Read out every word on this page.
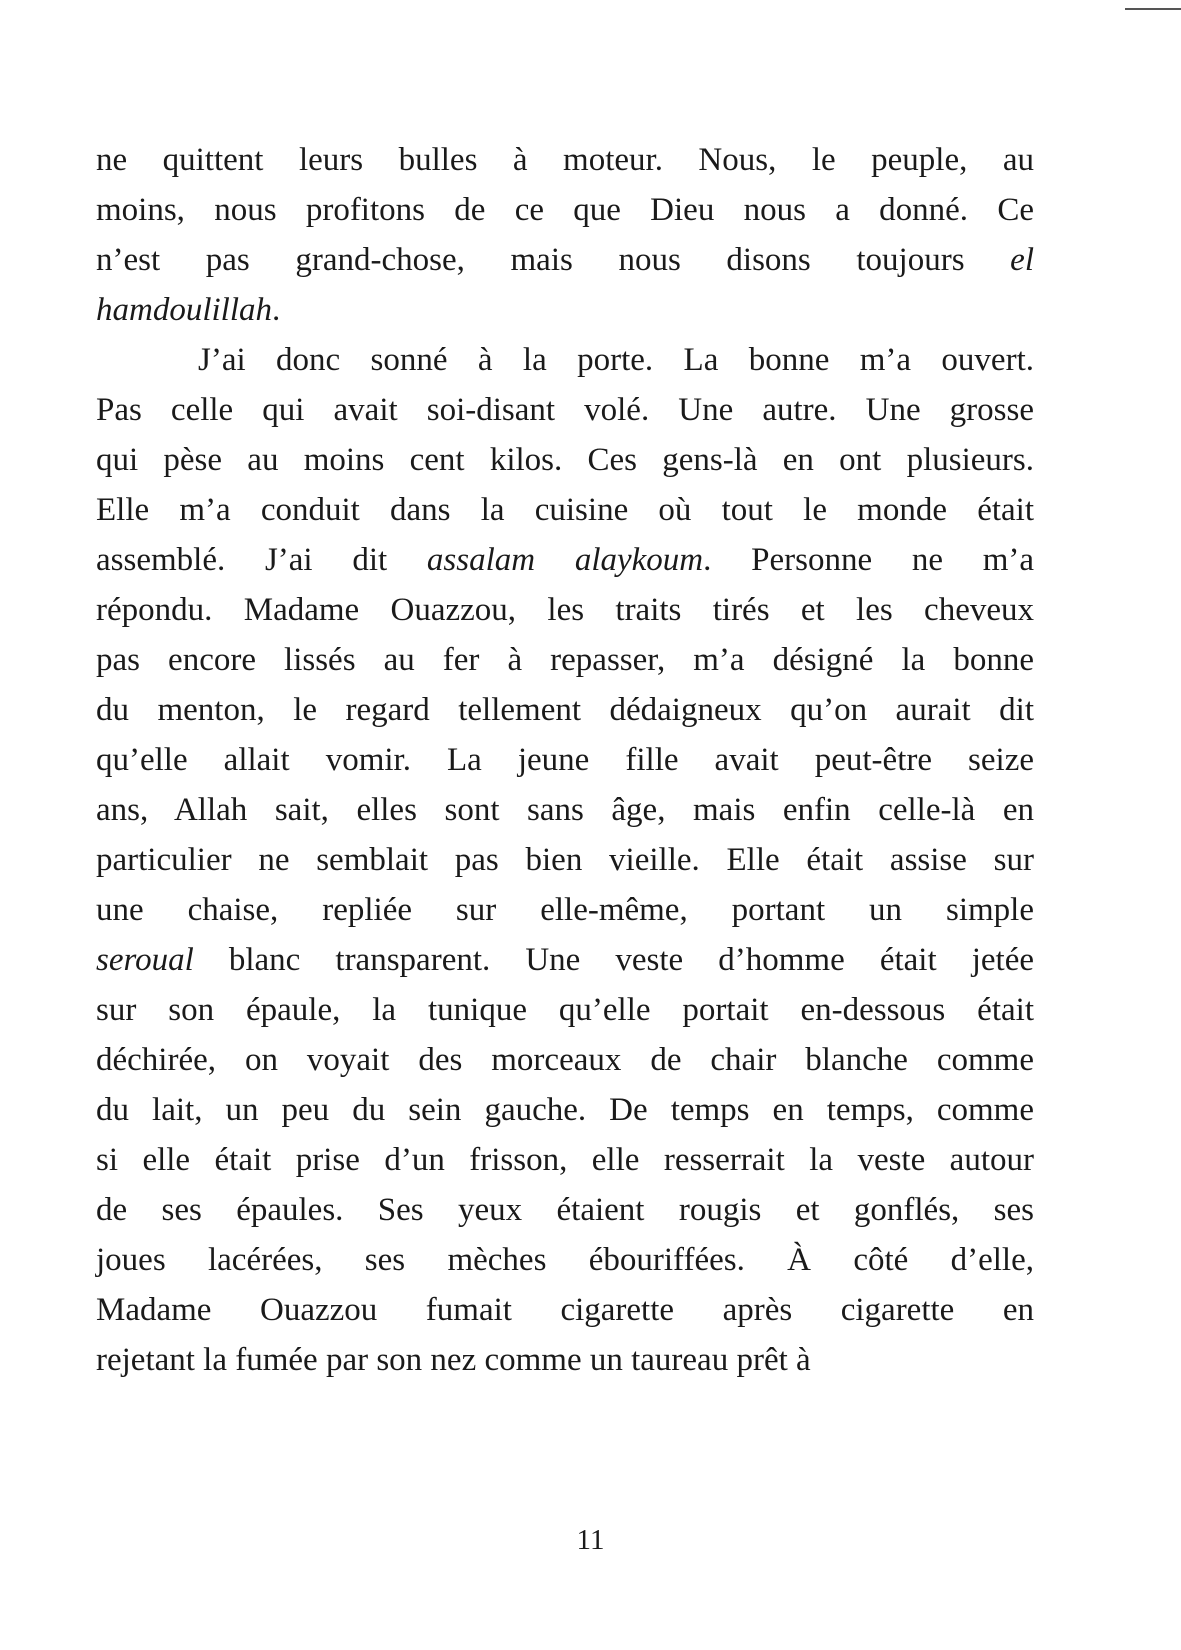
ne quittent leurs bulles à moteur. Nous, le peuple, au
moins, nous profitons de ce que Dieu nous a donné. Ce
n’est pas grand-chose, mais nous disons toujours el
hamdoulillah.
J’ai donc sonné à la porte. La bonne m’a ouvert.
Pas celle qui avait soi-disant volé. Une autre. Une grosse
qui pèse au moins cent kilos. Ces gens-là en ont plusieurs.
Elle m’a conduit dans la cuisine où tout le monde était
assemblé. J’ai dit assalam alaykoum. Personne ne m’a
répondu. Madame Ouazzou, les traits tirés et les cheveux
pas encore lissés au fer à repasser, m’a désigné la bonne
du menton, le regard tellement dédaigneux qu’on aurait dit
qu’elle allait vomir. La jeune fille avait peut-être seize
ans, Allah sait, elles sont sans âge, mais enfin celle-là en
particulier ne semblait pas bien vieille. Elle était assise sur
une chaise, repliée sur elle-même, portant un simple
seroual blanc transparent. Une veste d’homme était jetée
sur son épaule, la tunique qu’elle portait en-dessous était
déchirée, on voyait des morceaux de chair blanche comme
du lait, un peu du sein gauche. De temps en temps, comme
si elle était prise d’un frisson, elle resserrait la veste autour
de ses épaules. Ses yeux étaient rougis et gonflés, ses
joues lacérées, ses mèches ébouriffées. À côté d’elle,
Madame Ouazzou fumait cigarette après cigarette en
rejetant la fumée par son nez comme un taureau prêt à
11
